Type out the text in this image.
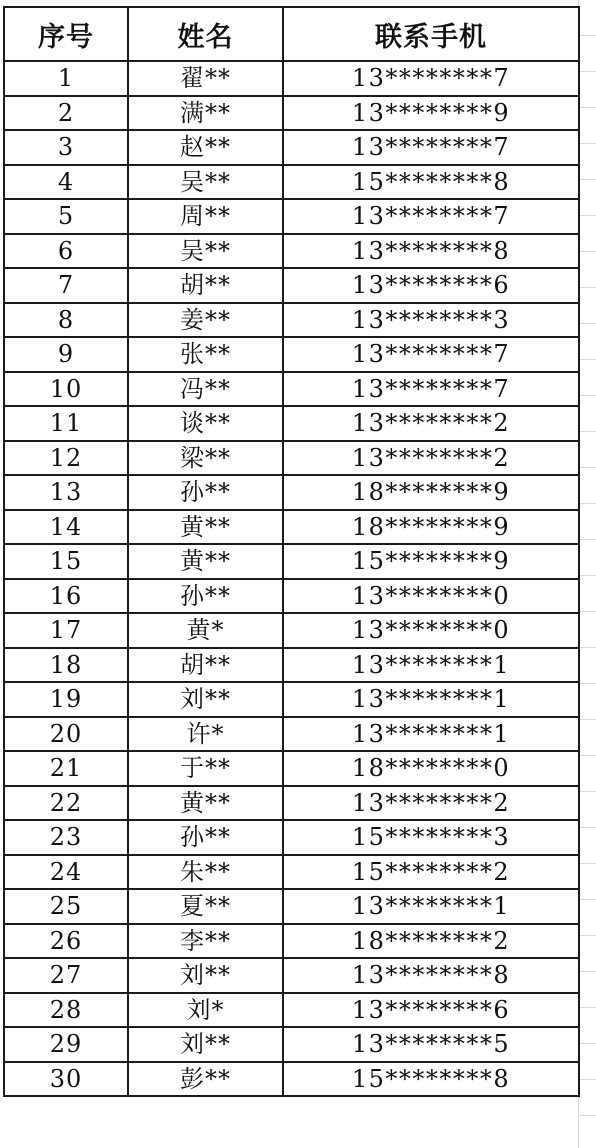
序号	姓名	联系手机
1	翟**	13********7
2	满**	13********9
3	赵**	13********7
4	吴**	15********8
5	周**	13********7
6	吴**	13********8
7	胡**	13********6
8	姜**	13********3
9	张**	13********7
10	冯**	13********7
11	谈**	13********2
12	梁**	13********2
13	孙**	18********9
14	黄**	18********9
15	黄**	15********9
16	孙**	13********0
17	黄*	13********0
18	胡**	13********1
19	刘**	13********1
20	许*	13********1
21	于**	18********0
22	黄**	13********2
23	孙**	15********3
24	朱**	15********2
25	夏**	13********1
26	李**	18********2
27	刘**	13********8
28	刘*	13********6
29	刘**	13********5
30	彭**	15********8
